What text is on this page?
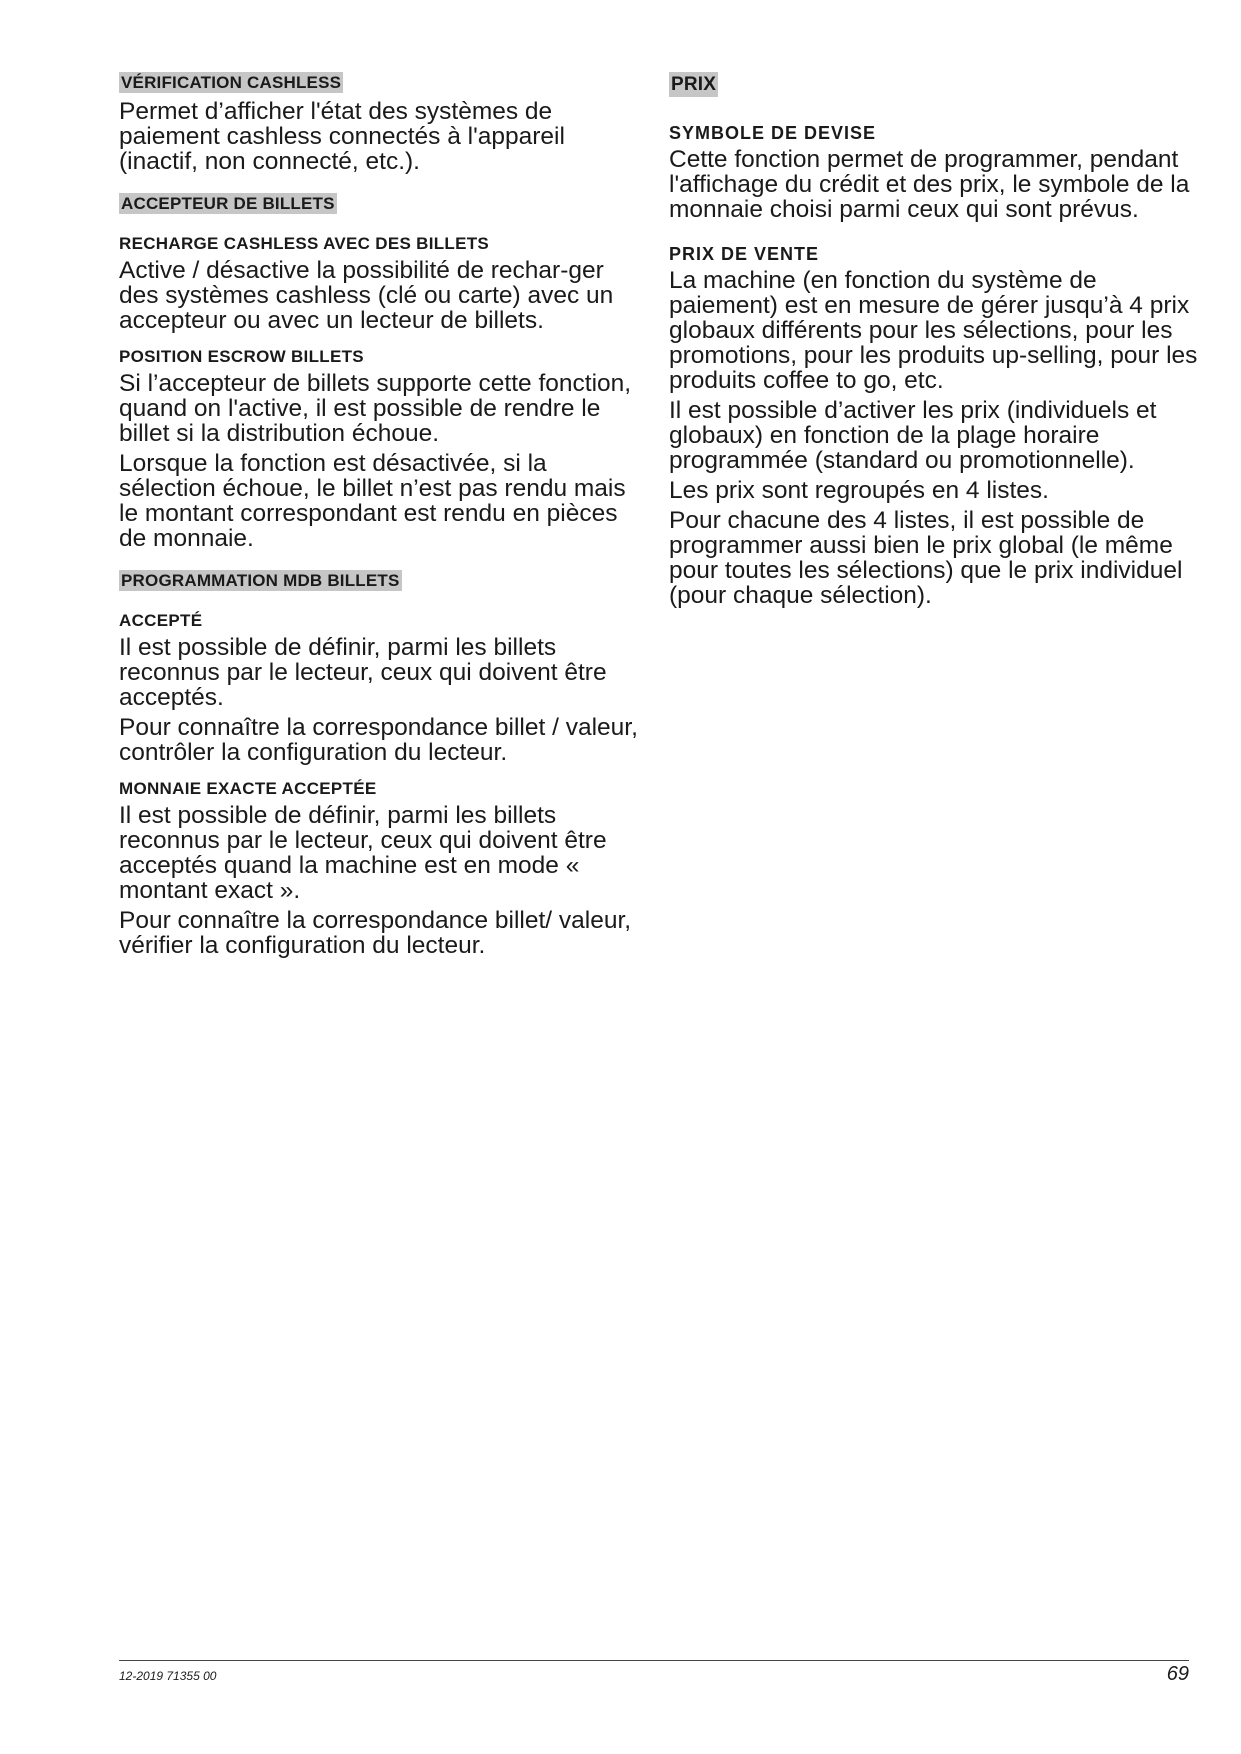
VÉRIFICATION CASHLESS

Permet d’afficher l'état des systèmes de paiement cashless connectés à l'appareil (inactif, non connecté, etc.).

ACCEPTEUR DE BILLETS
RECHARGE CASHLESS AVEC DES BILLETS

Active / désactive la possibilité de rechar-ger des systèmes cashless (clé ou carte) avec un accepteur ou avec un lecteur de billets.

POSITION ESCROW BILLETS

Si l’accepteur de billets supporte cette fonction, quand on l'active, il est possible de rendre le billet si la distribution échoue.

Lorsque la fonction est désactivée, si la sélection échoue, le billet n’est pas rendu mais le montant correspondant est rendu en pièces de monnaie.

PROGRAMMATION MDB BILLETS
ACCEPTÉ

Il est possible de définir, parmi les billets reconnus par le lecteur, ceux qui doivent être acceptés.

Pour connaître la correspondance billet / valeur, contrôler la configuration du lecteur.

MONNAIE EXACTE ACCEPTÉE

Il est possible de définir, parmi les billets reconnus par le lecteur, ceux qui doivent être acceptés quand la machine est en mode « montant exact ».

Pour connaître la correspondance billet/ valeur, vérifier la configuration du lecteur.

PRIX
SYMBOLE DE DEVISE

Cette fonction permet de programmer, pendant l'affichage du crédit et des prix, le symbole de la monnaie choisi parmi ceux qui sont prévus.

PRIX DE VENTE

La machine (en fonction du système de paiement) est en mesure de gérer jusqu’à 4 prix globaux différents pour les sélections, pour les promotions, pour les produits up-selling, pour les produits coffee to go, etc.

Il est possible d’activer les prix (individuels et globaux) en fonction de la plage horaire programmée (standard ou promotionnelle).

Les prix sont regroupés en 4 listes.

Pour chacune des 4 listes, il est possible de programmer aussi bien le prix global (le même pour toutes les sélections) que le prix individuel (pour chaque sélection).

12-2019 71355 00	69
